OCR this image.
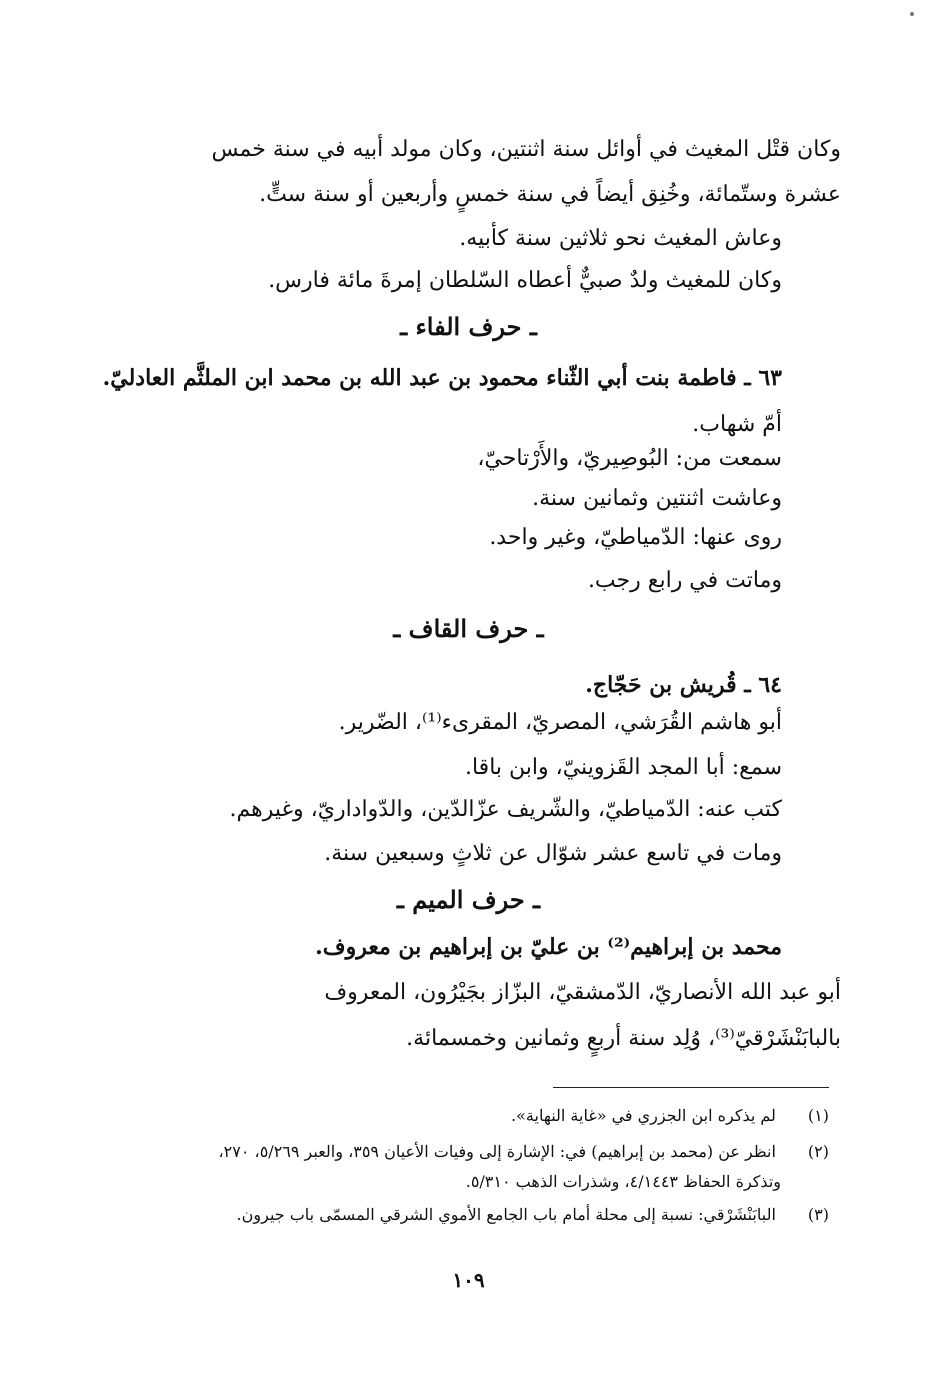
وكان قتْل المغيث في أوائل سنة اثنتين، وكان مولد أبيه في سنة خمس
عشرة وستّمائة، وخُنِق أيضاً في سنة خمسٍ وأربعين أو سنة ستٍّ.
وعاش المغيث نحو ثلاثين سنة كأبيه.
وكان للمغيث ولدٌ صبيٌّ أعطاه السّلطان إمرةَ مائة فارس.
ـ حرف الفاء ـ
٦٣ ـ فاطمة بنت أبي الثّناء محمود بن عبد الله بن محمد ابن الملثَّم العادليّ.
أمّ شهاب.
سمعت من: البُوصِيريّ، والأَرْتاحيّ،
وعاشت اثنتين وثمانين سنة.
روى عنها: الدّمياطيّ، وغير واحد.
وماتت في رابع رجب.
ـ حرف القاف ـ
٦٤ ـ قُريش بن حَجّاج.
أبو هاشم القُرَشي، المصريّ، المقرىء⁽¹⁾، الضّرير.
سمع: أبا المجد القَزوينيّ، وابن باقا.
كتب عنه: الدّمياطيّ، والشّريف عزّالدّين، والدّواداريّ، وغيرهم.
ومات في تاسع عشر شوّال عن ثلاثٍ وسبعين سنة.
ـ حرف الميم ـ
محمد بن إبراهيم⁽²⁾ بن عليّ بن إبراهيم بن معروف.
أبو عبد الله الأنصاريّ، الدّمشقيّ، البزّاز بجَيْرُون، المعروف
بالبابَنْشَرْقيّ⁽³⁾، وُلِد سنة أربعٍ وثمانين وخمسمائة.
(١) لم يذكره ابن الجزري في «غاية النهاية».
(٢) انظر عن (محمد بن إبراهيم) في: الإشارة إلى وفيات الأعيان ٣٥٩، والعبر ٥/٢٦٩، ٢٧٠،
وتذكرة الحفاظ ٤/١٤٤٣، وشذرات الذهب ٥/٣١٠.
(٣) البابَنْشَرْقي: نسبة إلى محلة أمام باب الجامع الأموي الشرقي المسمّى باب جيرون.
١٠٩
